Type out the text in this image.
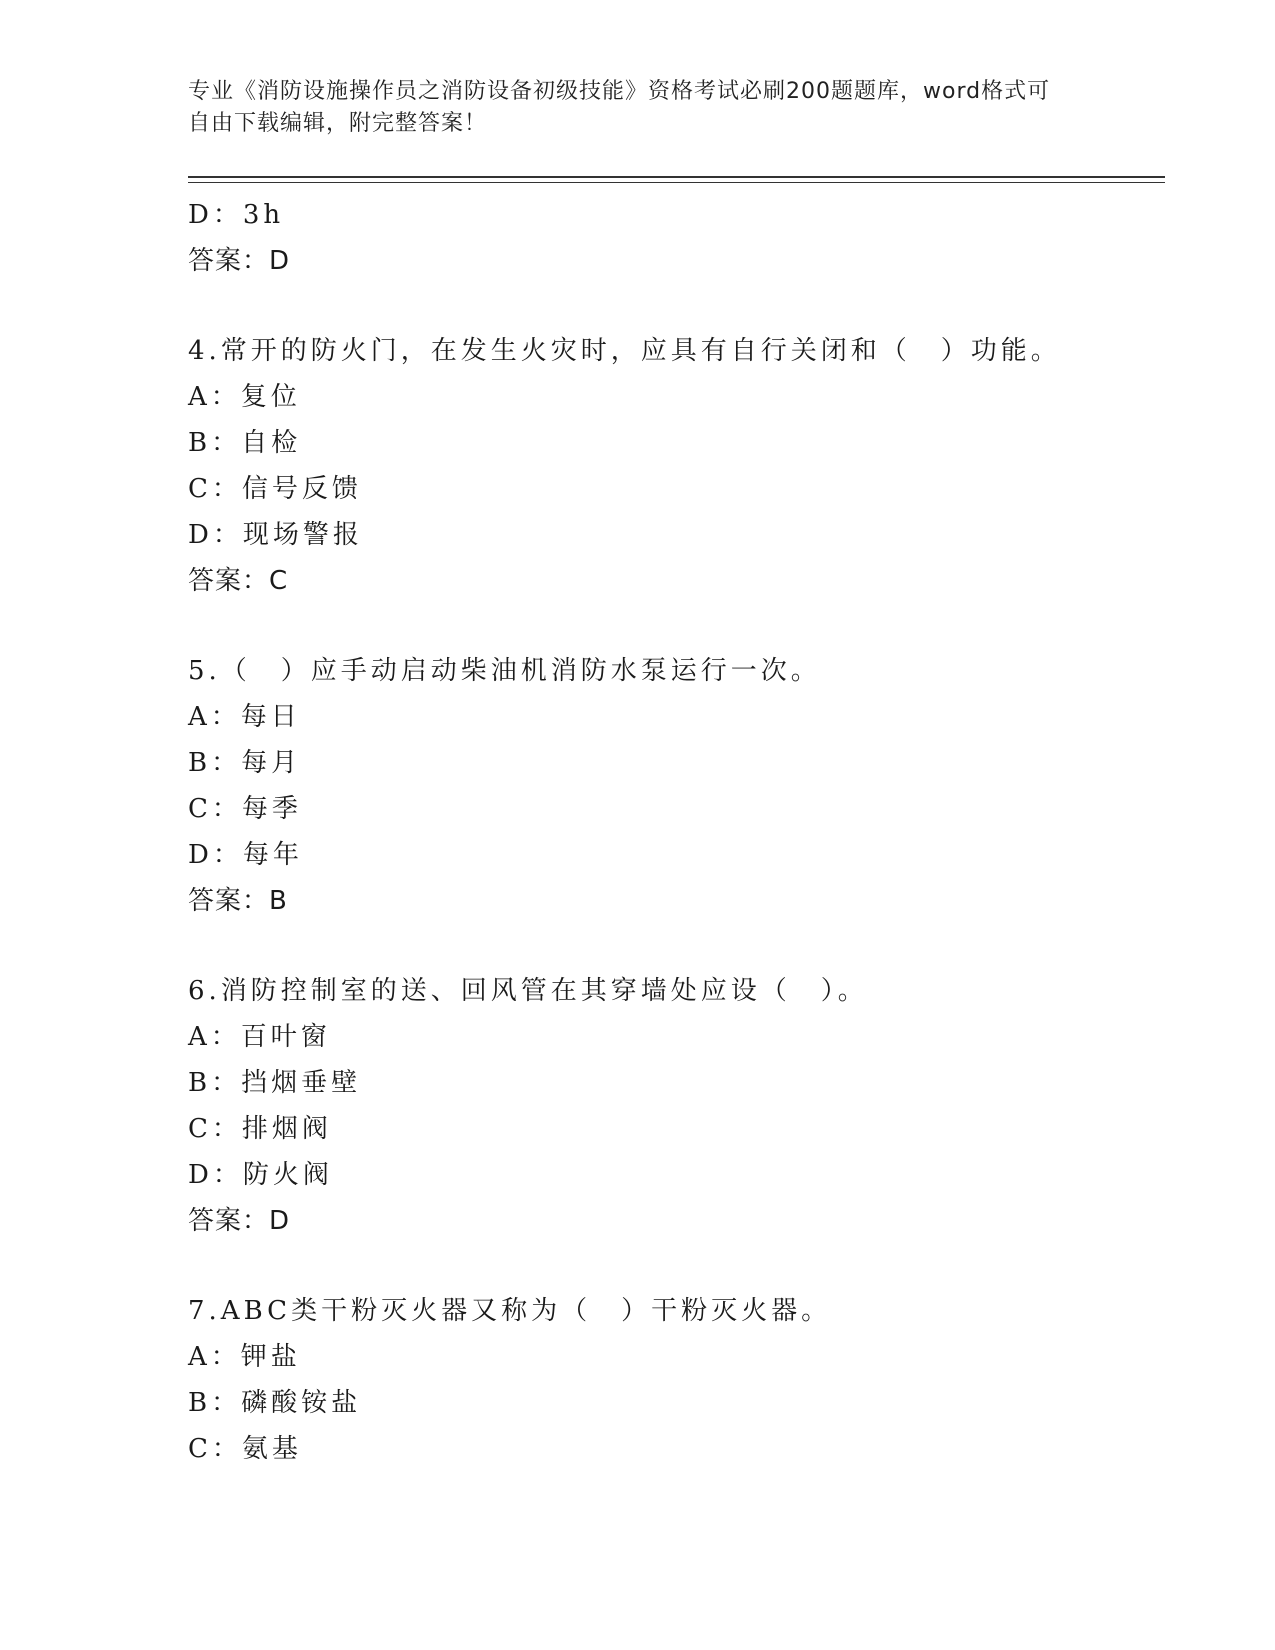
专业《消防设施操作员之消防设备初级技能》资格考试必刷200题题库，word格式可自由下载编辑，附完整答案！
D：3h
答案：D
4.常开的防火门，在发生火灾时，应具有自行关闭和（　）功能。
A：复位
B：自检
C：信号反馈
D：现场警报
答案：C
5.（　）应手动启动柴油机消防水泵运行一次。
A：每日
B：每月
C：每季
D：每年
答案：B
6.消防控制室的送、回风管在其穿墙处应设（　）。
A：百叶窗
B：挡烟垂壁
C：排烟阀
D：防火阀
答案：D
7.ABC类干粉灭火器又称为（　）干粉灭火器。
A：钾盐
B：磷酸铵盐
C：氨基
